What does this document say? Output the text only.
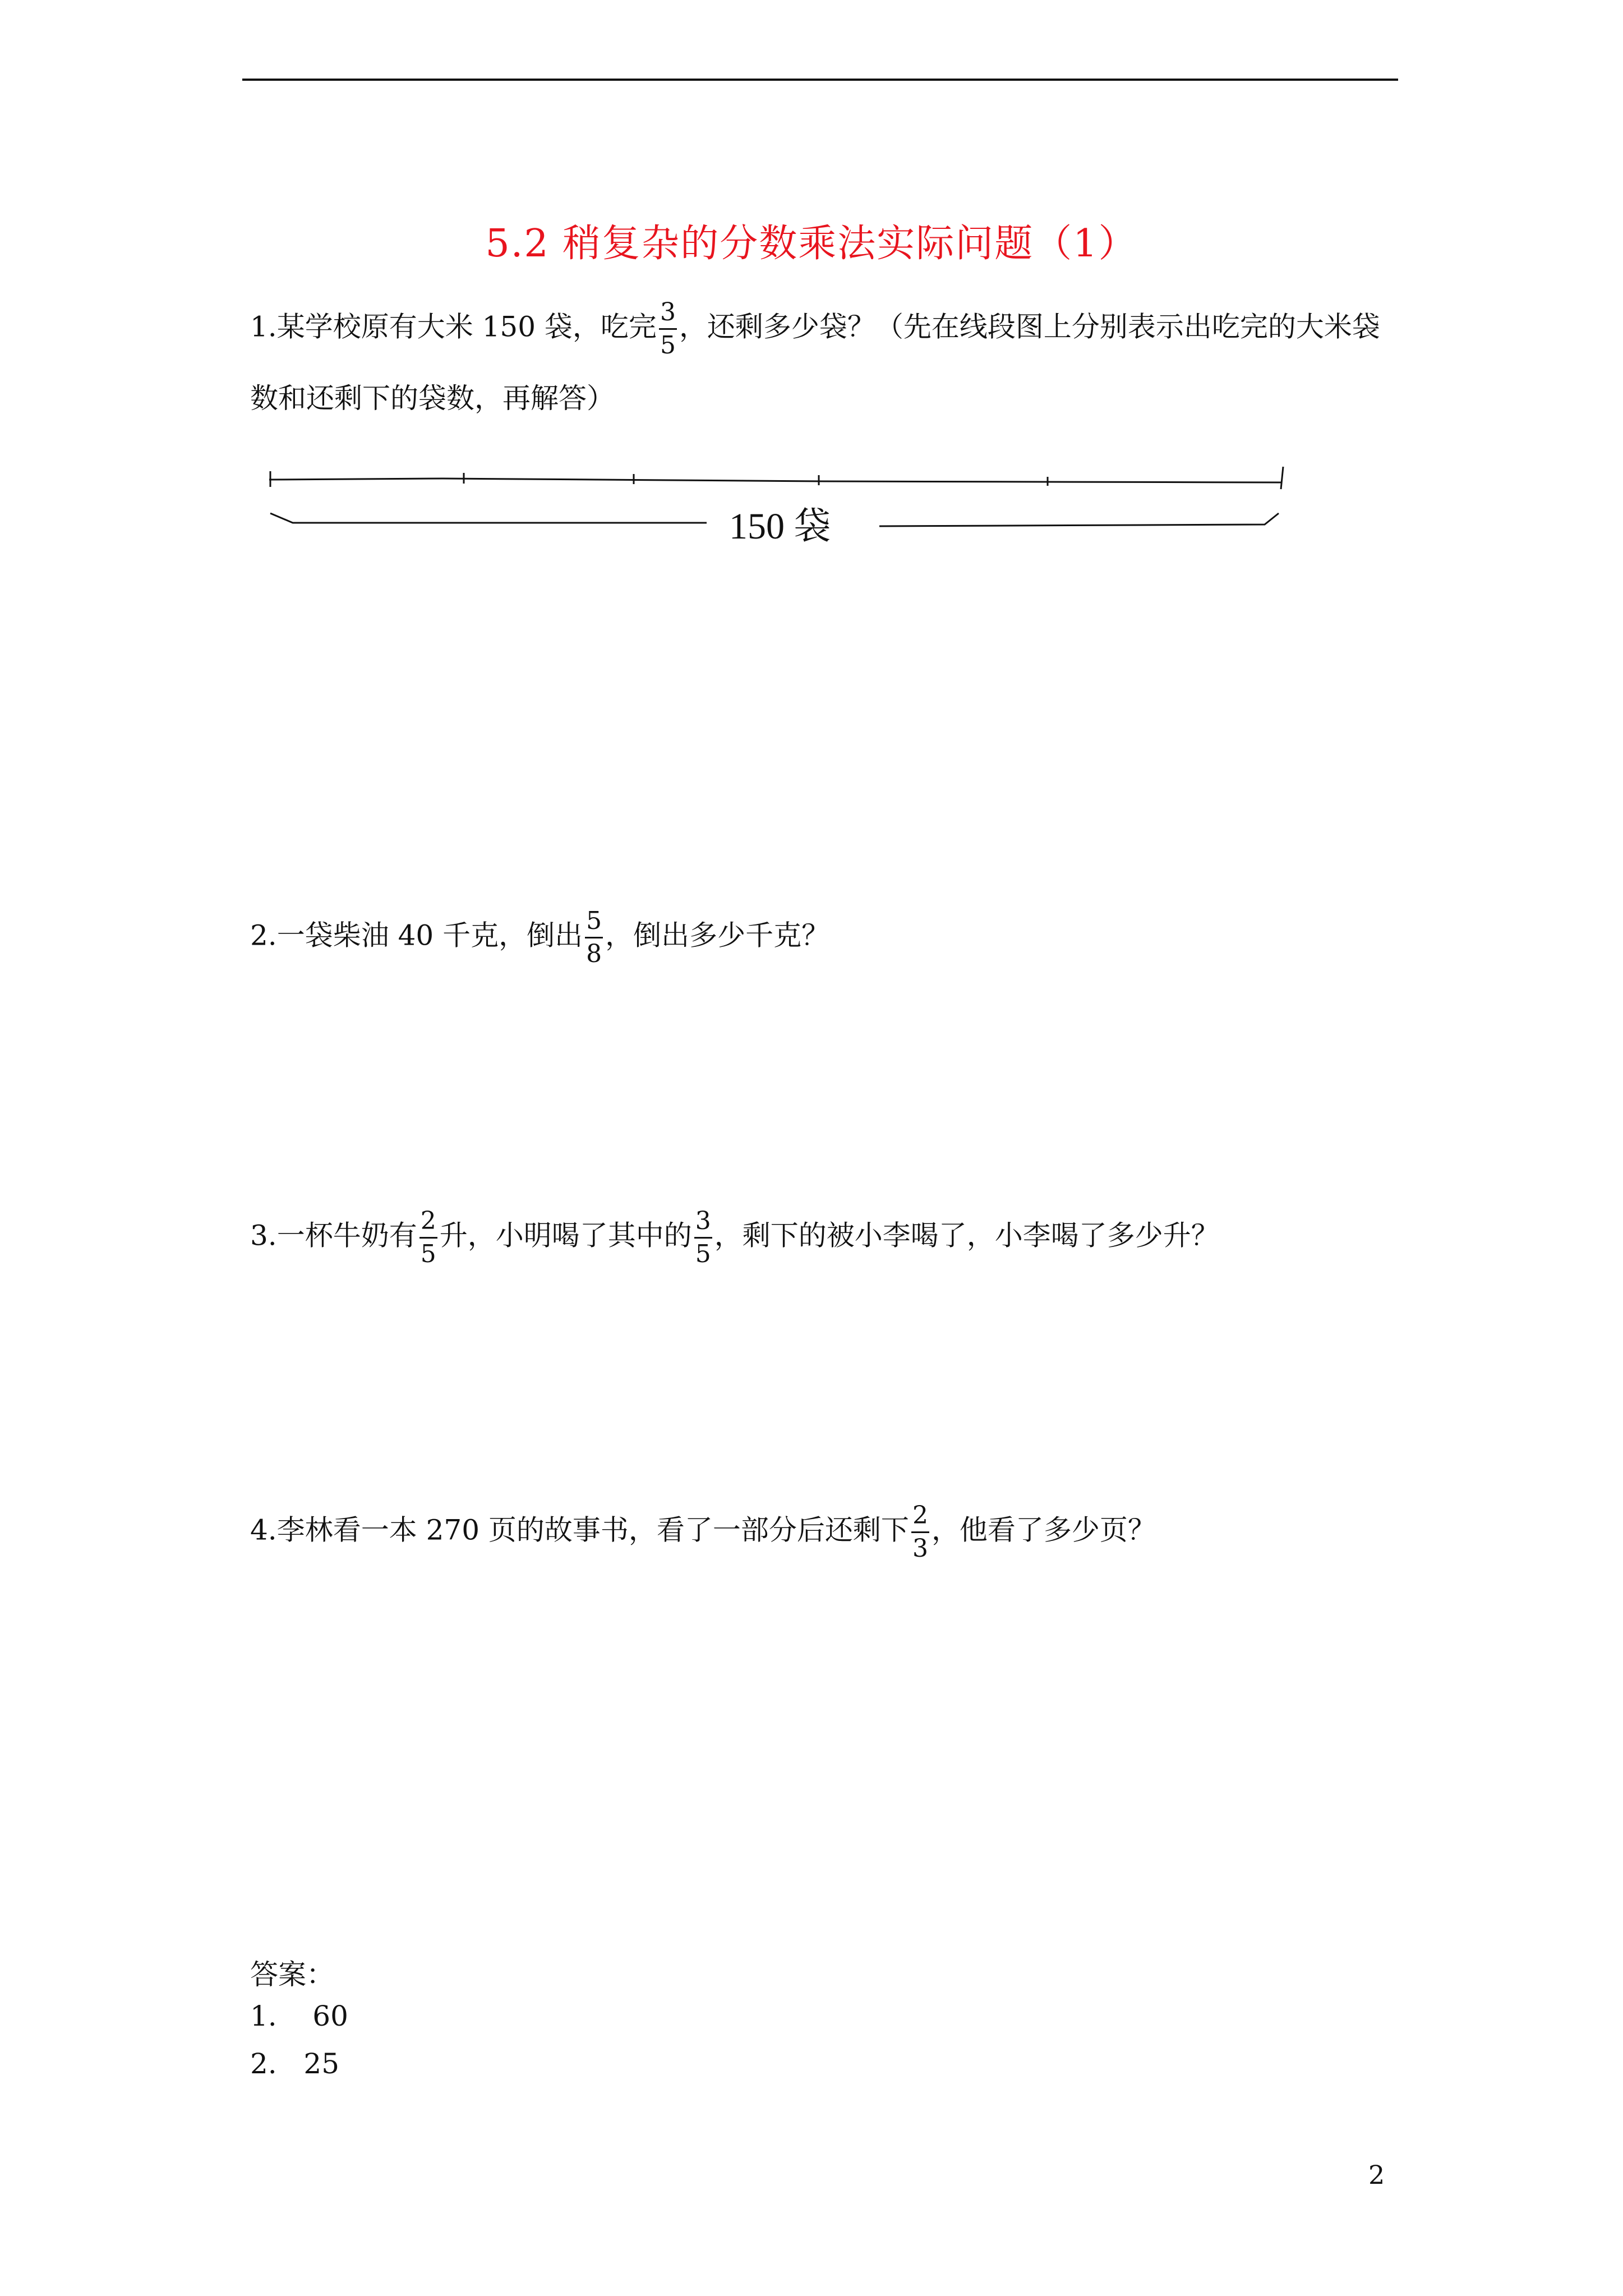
5.2 稍复杂的分数乘法实际问题（1）
1.某学校原有大米 150 袋，吃完 $\frac{3}{5}$ ，还剩多少袋？（先在线段图上分别表示出吃完的大米袋
数和还剩下的袋数，再解答）
150 袋
2.一袋柴油 40 千克，倒出 $\frac{5}{8}$ ，倒出多少千克？
3.一杯牛奶有 $\frac{2}{5}$ 升，小明喝了其中的 $\frac{3}{5}$ ，剩下的被小李喝了，小李喝了多少升？
4.李林看一本 270 页的故事书，看了一部分后还剩下 $\frac{2}{3}$ ，他看了多少页？
答案：
1.    60
2.   25
2
